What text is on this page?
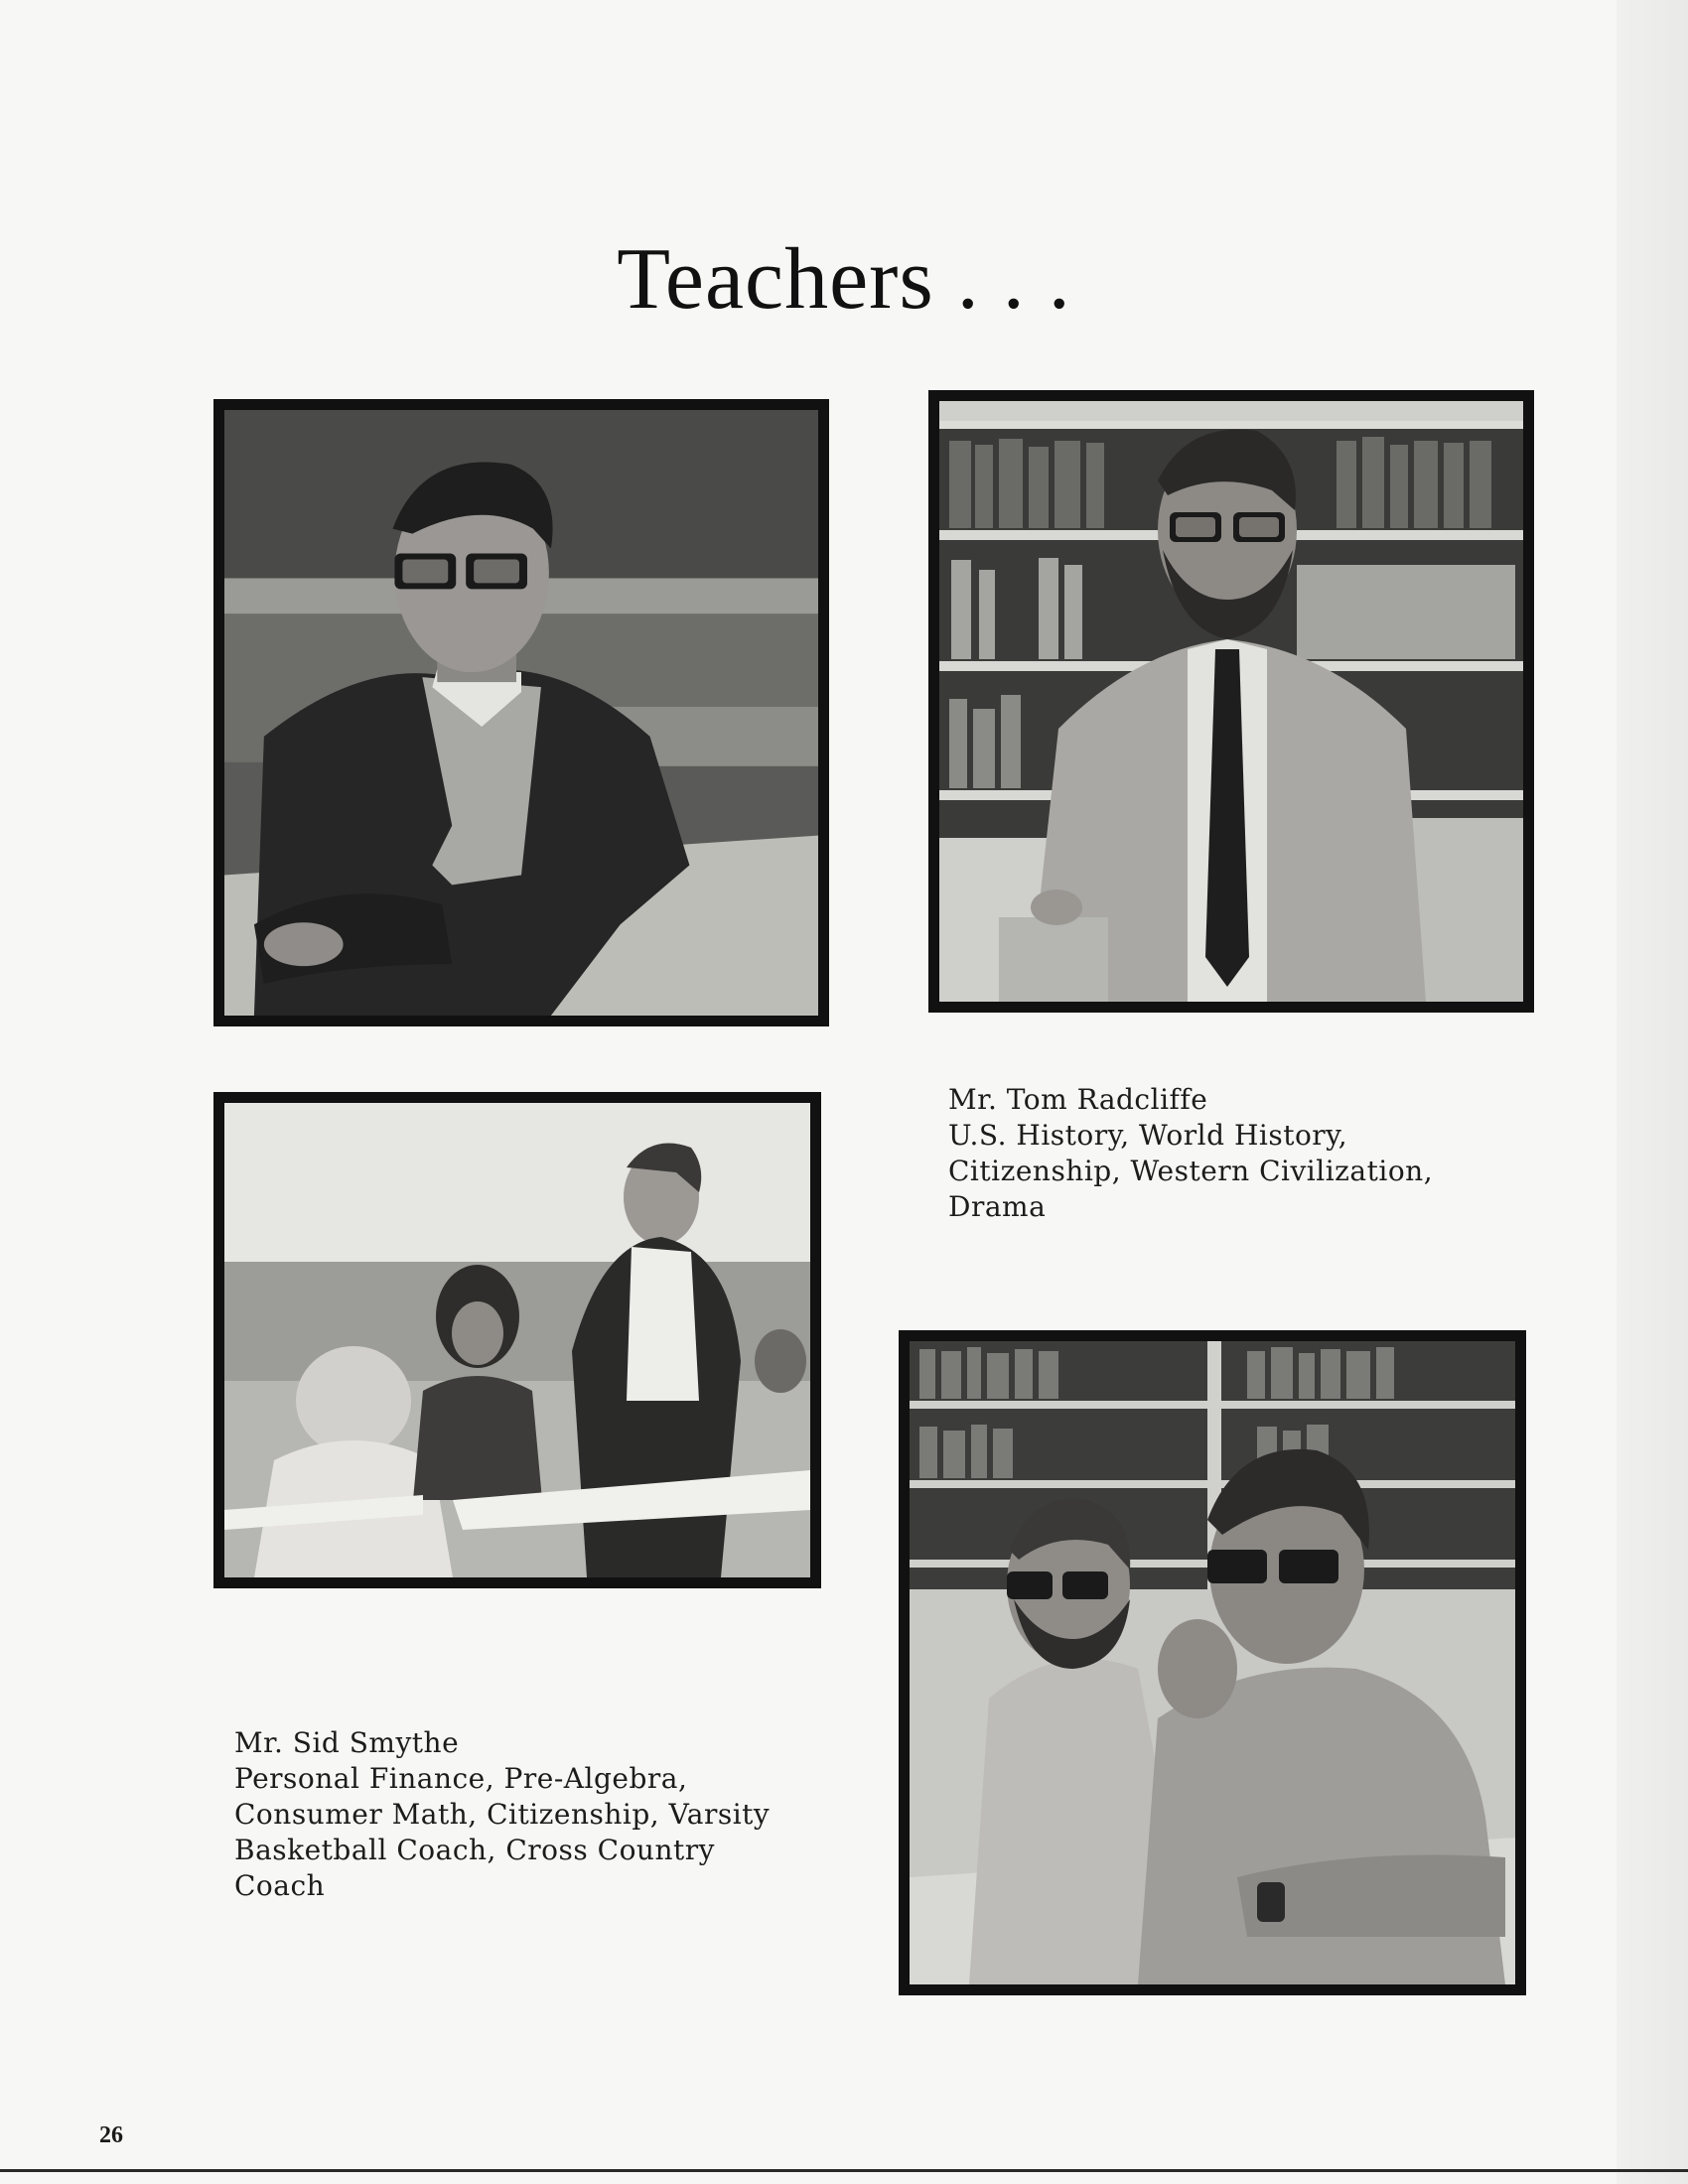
Teachers . . .
Mr. Tom Radcliffe
U.S. History, World History,
Citizenship, Western Civilization,
Drama
Mr. Sid Smythe
Personal Finance, Pre-Algebra,
Consumer Math, Citizenship, Varsity
Basketball Coach, Cross Country
Coach
26
